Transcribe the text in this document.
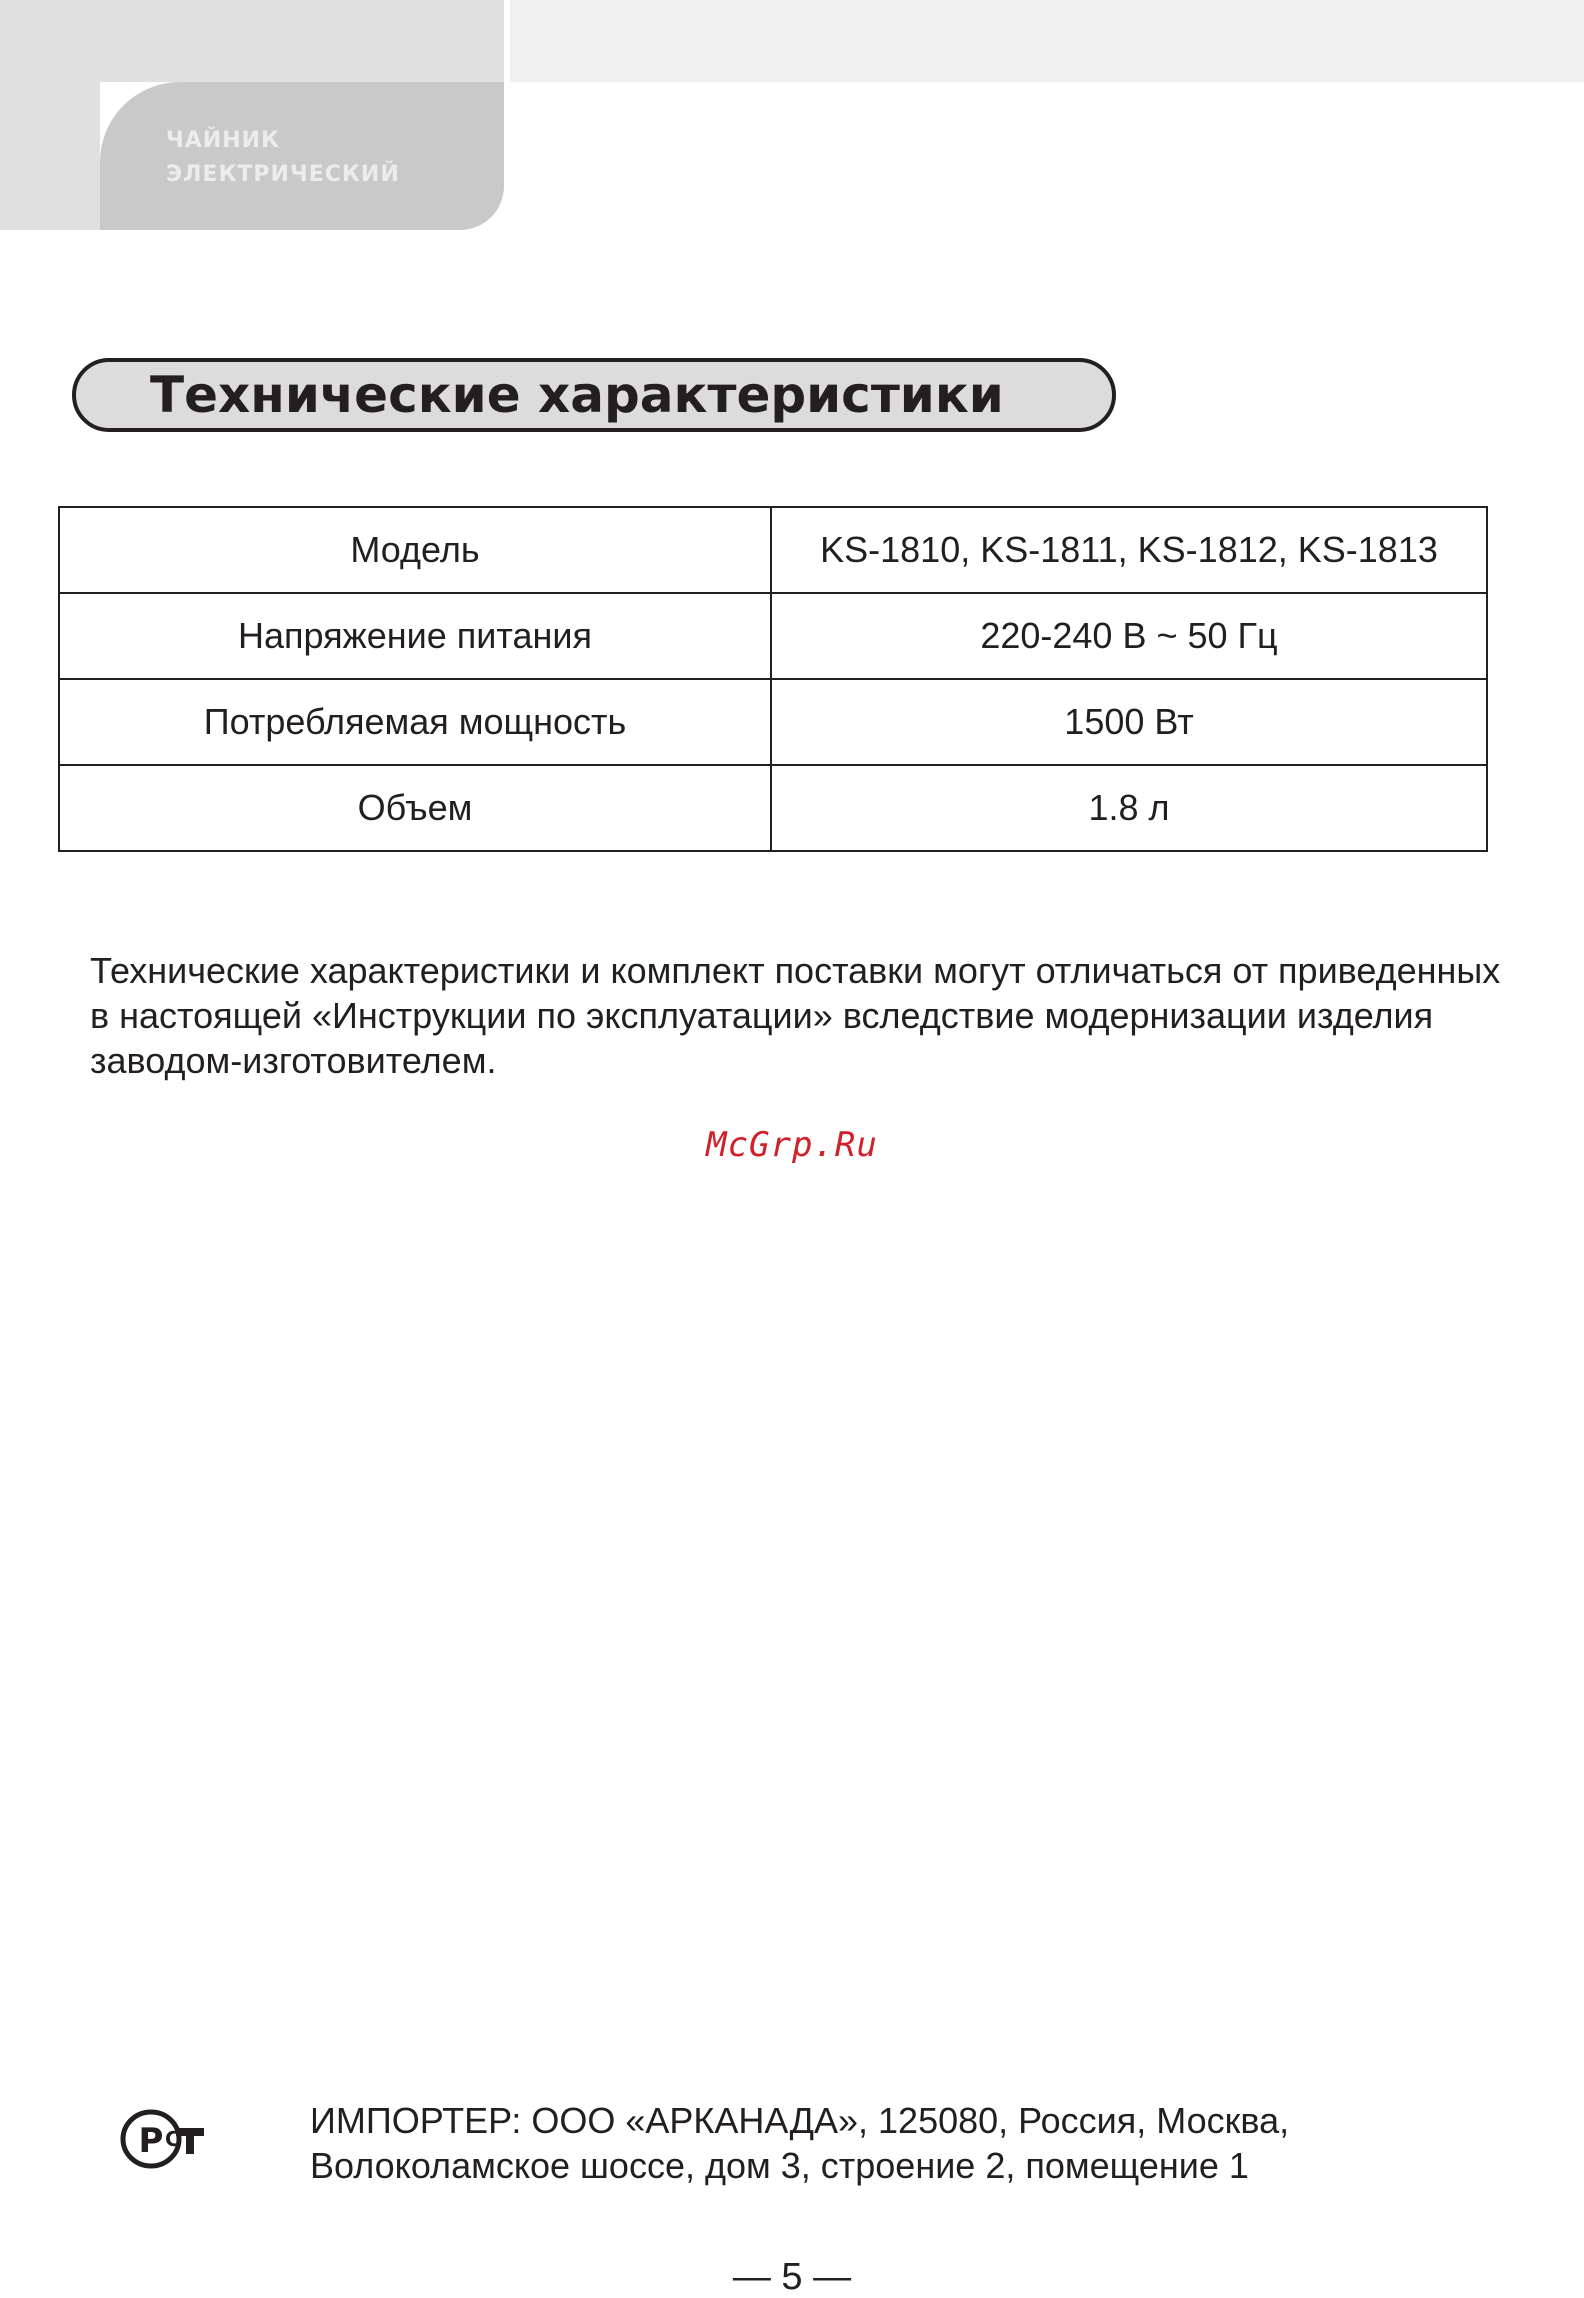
ЧАЙНИК
ЭЛЕКТРИЧЕСКИЙ
Технические характеристики
Модель	KS-1810, KS-1811, KS-1812, KS-1813
Напряжение питания	220-240 В ~ 50 Гц
Потребляемая мощность	1500 Вт
Объем	1.8 л
Технические характеристики и комплект поставки могут отличаться от приведенных в настоящей «Инструкции по эксплуатации» вследствие модернизации изделия заводом-изготовителем.
McGrp.Ru
Р С	ИМПОРТЕР: ООО «АРКАНАДА», 125080, Россия, Москва,
Волоколамское шоссе, дом 3, строение 2, помещение 1
— 5 —
